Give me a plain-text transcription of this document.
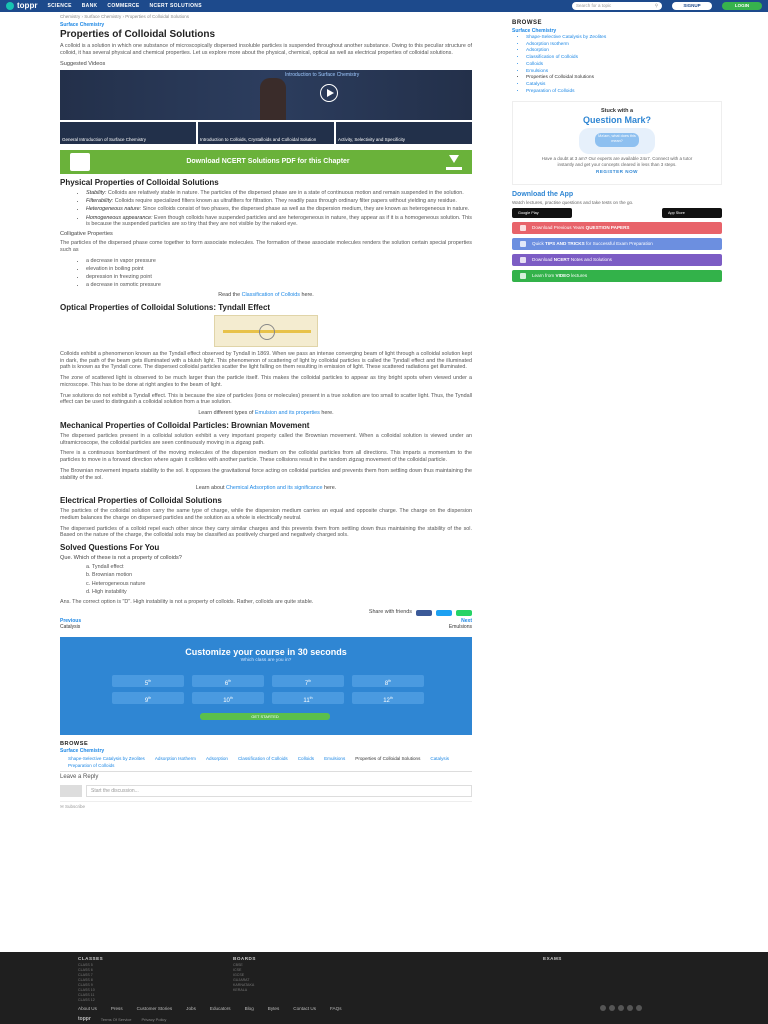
toppr SCIENCE BANK COMMERCE NCERT SOLUTIONS	Search for a topic	⚲	SIGNUP	LOGIN
Chemistry › Surface Chemistry › Properties of Colloidal Solutions
Surface Chemistry
Properties of Colloidal Solutions

A colloid is a solution in which one substance of microscopically dispersed insoluble particles is suspended throughout another substance. Owing to this peculiar structure of colloid, it has several physical and chemical properties. Let us explore more about the physical, chemical, optical as well as electrical properties of colloidal solutions.

Suggested Videos
Introduction to Surface Chemistry
General Introduction of Surface Chemistry	Introduction to Colloids, Crystalloids and Colloidal Solution	Activity, Selectivity and Specificity
Download NCERT Solutions PDF for this Chapter
Physical Properties of Colloidal Solutions
• Stability: Colloids are relatively stable in nature. The particles of the dispersed phase are in a state of continuous motion and remain suspended in the solution.
• Filterability: Colloids require specialized filters known as ultrafilters for filtration. They readily pass through ordinary filter papers without yielding any residue.
• Heterogeneous nature: Since colloids consist of two phases, the dispersed phase as well as the dispersion medium, they are known as heterogeneous in nature.
• Homogeneous appearance: Even though colloids have suspended particles and are heterogeneous in nature, they appear as if it is a homogeneous solution. This is because the suspended particles are so tiny that they are not visible by the naked eye.
Colligative Properties

The particles of the dispersed phase come together to form associate molecules. The formation of these associate molecules renders the solution certain special properties such as

• a decrease in vapor pressure
• elevation in boiling point
• depression in freezing point
• a decrease in osmotic pressure
Read the Classification of Colloids here.
Optical Properties of Colloidal Solutions: Tyndall Effect

Colloids exhibit a phenomenon known as the Tyndall effect observed by Tyndall in 1869. When we pass an intense converging beam of light through a colloidal solution kept in dark, the path of the beam gets illuminated with a bluish light. This phenomenon of scattering of light by colloidal particles is called the Tyndall effect and the illuminated path is known as the Tyndall cone. The dispersed colloidal particles scatter the light falling on them resulting in emission of light. These scattered radiations get illuminated.

The zone of scattered light is observed to be much larger than the particle itself. This makes the colloidal particles to appear as tiny bright spots when viewed under a microscope. This has to be done at right angles to the beam of light.

True solutions do not exhibit a Tyndall effect. This is because the size of particles (ions or molecules) present in a true solution are too small to scatter light. Thus, the Tyndall effect can be used to distinguish a colloidal solution from a true solution.

Learn different types of Emulsion and its properties here.
Mechanical Properties of Colloidal Particles: Brownian Movement

The dispersed particles present in a colloidal solution exhibit a very important property called the Brownian movement. When a colloidal solution is viewed under an ultramicroscope, the colloidal particles are seen continuously moving in a zigzag path.

There is a continuous bombardment of the moving molecules of the dispersion medium on the colloidal particles from all directions. This imparts a momentum to the particles to move in a forward direction where again it collides with another particle. These collisions result in the random zigzag movement of the colloidal particle.

The Brownian movement imparts stability to the sol. It opposes the gravitational force acting on colloidal particles and prevents them from settling down thus maintaining the stability of the sol.

Learn about Chemical Adsorption and its significance here.
Electrical Properties of Colloidal Solutions

The particles of the colloidal solution carry the same type of charge, while the dispersion medium carries an equal and opposite charge. The charge on the dispersion medium balances the charge on dispersed particles and the solution as a whole is electrically neutral.

The dispersed particles of a colloid repel each other since they carry similar charges and this prevents them from settling down thus maintaining the stability of the sol. Based on the nature of the charge, the colloidal sols may be classified as positively charged and negatively charged sols.

Solved Questions For You
Que. Which of these is not a property of colloids?
a. Tyndall effect
b. Brownian motion
c. Heterogeneous nature
d. High instability

Ans. The correct option is "D". High instability is not a property of colloids. Rather, colloids are quite stable.

Share with friends
Previous
Catalysis
Next
Emulsions
Customize your course in 30 seconds
Which class are you in?
5th	6th	7th	8th
9th	10th	11th	12th
GET STARTED
BROWSE
Surface Chemistry
Shape-Selective Catalysis by Zeolites Adsorption Isotherm Adsorption Classification of Colloids Colloids Emulsions Properties of Colloidal Solutions Catalysis
Preparation of Colloids
Leave a Reply
Start the discussion...
✉ Subscribe
BROWSE
Surface Chemistry
• Shape-Selective Catalysis by Zeolites
• Adsorption Isotherm
• Adsorption
• Classification of Colloids
• Colloids
• Emulsions
• Properties of Colloidal Solutions
• Catalysis
• Preparation of Colloids
Stuck with a
Question Mark?
Ma'am, what does this mean?
Have a doubt at 3 am? Our experts are available 24x7. Connect with a tutor instantly and get your concepts cleared in less than 3 steps.
REGISTER NOW
Download the App
Watch lectures, practise questions and take tests on the go.
Google Play	App Store
Download Previous Years QUESTION PAPERS
Quick TIPS AND TRICKS for Successful Exam Preparation
Download NCERT Notes and Solutions
Learn from VIDEO lectures
CLASSES
CLASS 5
CLASS 6
CLASS 7
CLASS 8
CLASS 9
CLASS 10
CLASS 11
CLASS 12
BOARDS
CBSE
ICSE
IGCSE
GUJARAT
KARNATAKA
KERALA
EXAMS
About Us	Press	Customer Stories	Jobs	Educators	Blog	Bytes	Contact Us	FAQs
toppr	Terms Of Service	Privacy Policy
